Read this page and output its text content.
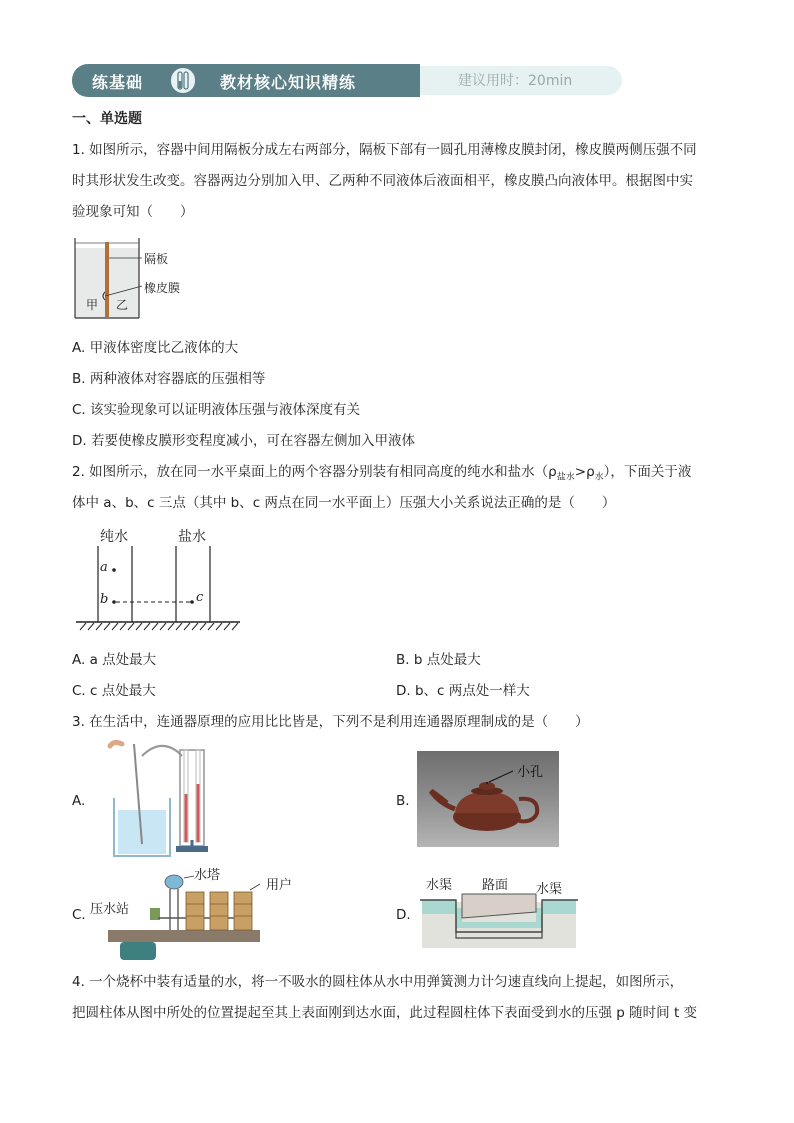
练基础	教材核心知识精练	建议用时：20min
一、单选题
1. 如图所示，容器中间用隔板分成左右两部分，隔板下部有一圆孔用薄橡皮膜封闭，橡皮膜两侧压强不同
时其形状发生改变。容器两边分别加入甲、乙两种不同液体后液面相平，橡皮膜凸向液体甲。根据图中实
验现象可知（　　）
隔板
橡皮膜
甲 乙
A. 甲液体密度比乙液体的大
B. 两种液体对容器底的压强相等
C. 该实验现象可以证明液体压强与液体深度有关
D. 若要使橡皮膜形变程度减小，可在容器左侧加入甲液体
2. 如图所示，放在同一水平桌面上的两个容器分别装有相同高度的纯水和盐水$(\rho_{盐水}>\rho_水)$，下面关于液
体中 a、b、c 三点（其中 b、c 两点在同一水平面上）压强大小关系说法正确的是（　　）
纯水	盐水
a
b	c
A. a 点处最大	B. b 点处最大
C. c 点处最大	D. b、c 两点处一样大
3. 在生活中，连通器原理的应用比比皆是，下列不是利用连通器原理制成的是（　　）
A.	B.
小孔
C.
水塔
用户
压水站	D.
水渠 路面 水渠
4. 一个烧杯中装有适量的水，将一不吸水的圆柱体从水中用弹簧测力计匀速直线向上提起，如图所示，
把圆柱体从图中所处的位置提起至其上表面刚到达水面，此过程圆柱体下表面受到水的压强 p 随时间 t 变
